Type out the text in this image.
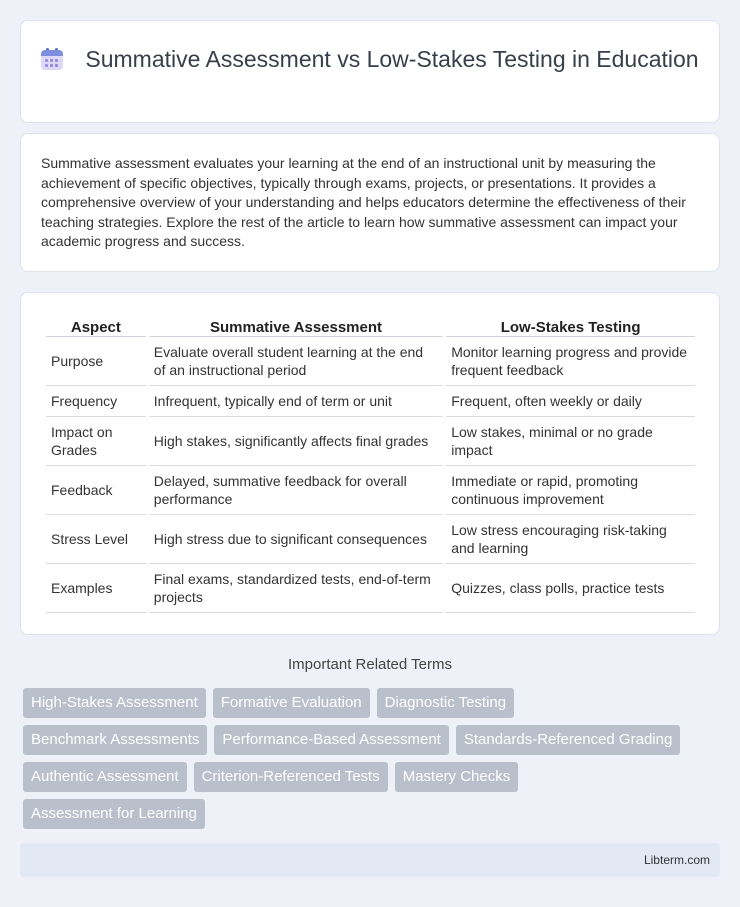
Summative Assessment vs Low-Stakes Testing in Education

Summative assessment evaluates your learning at the end of an instructional unit by measuring the achievement of specific objectives, typically through exams, projects, or presentations. It provides a comprehensive overview of your understanding and helps educators determine the effectiveness of their teaching strategies. Explore the rest of the article to learn how summative assessment can impact your academic progress and success.

Aspect	Summative Assessment	Low-Stakes Testing
Purpose	Evaluate overall student learning at the end of an instructional period	Monitor learning progress and provide frequent feedback
Frequency	Infrequent, typically end of term or unit	Frequent, often weekly or daily
Impact on Grades	High stakes, significantly affects final grades	Low stakes, minimal or no grade impact
Feedback	Delayed, summative feedback for overall performance	Immediate or rapid, promoting continuous improvement
Stress Level	High stress due to significant consequences	Low stress encouraging risk-taking and learning
Examples	Final exams, standardized tests, end-of-term projects	Quizzes, class polls, practice tests
Important Related Terms
High-Stakes Assessment	Formative Evaluation	Diagnostic Testing
Benchmark Assessments	Performance-Based Assessment	Standards-Referenced Grading
Authentic Assessment	Criterion-Referenced Tests	Mastery Checks
Assessment for Learning
Libterm.com
